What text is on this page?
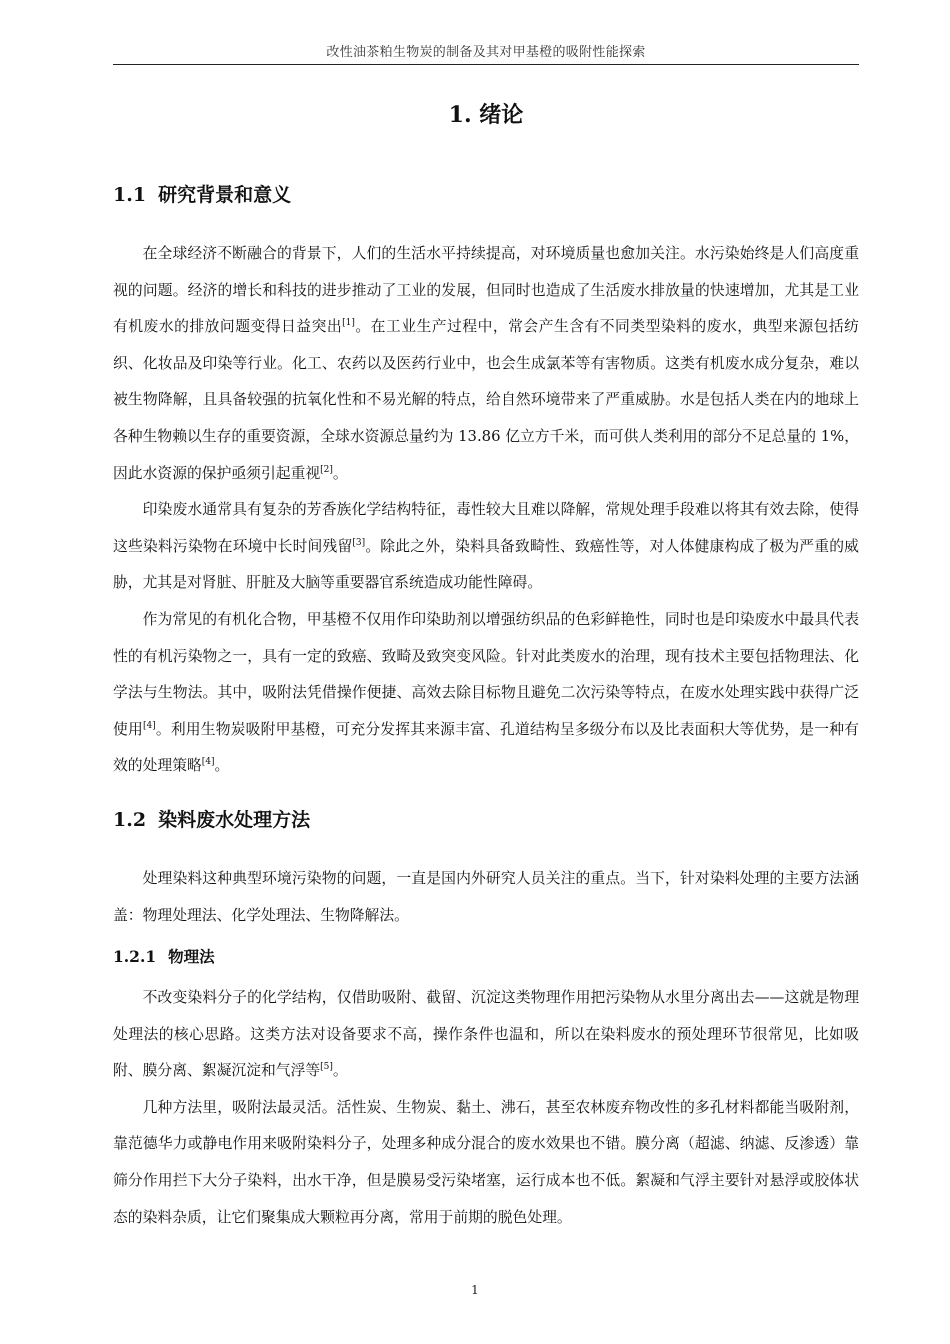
改性油茶粕生物炭的制备及其对甲基橙的吸附性能探索
1. 绪论
1.1 研究背景和意义

在全球经济不断融合的背景下，人们的生活水平持续提高，对环境质量也愈加关注。水污染始终是人们高度重视的问题。经济的增长和科技的进步推动了工业的发展，但同时也造成了生活废水排放量的快速增加，尤其是工业有机废水的排放问题变得日益突出[1]。在工业生产过程中，常会产生含有不同类型染料的废水，典型来源包括纺织、化妆品及印染等行业。化工、农药以及医药行业中，也会生成氯苯等有害物质。这类有机废水成分复杂，难以被生物降解，且具备较强的抗氧化性和不易光解的特点，给自然环境带来了严重威胁。水是包括人类在内的地球上各种生物赖以生存的重要资源，全球水资源总量约为 13.86 亿立方千米，而可供人类利用的部分不足总量的 1%，因此水资源的保护亟须引起重视[2]。

印染废水通常具有复杂的芳香族化学结构特征，毒性较大且难以降解，常规处理手段难以将其有效去除，使得这些染料污染物在环境中长时间残留[3]。除此之外，染料具备致畸性、致癌性等，对人体健康构成了极为严重的威胁，尤其是对肾脏、肝脏及大脑等重要器官系统造成功能性障碍。

作为常见的有机化合物，甲基橙不仅用作印染助剂以增强纺织品的色彩鲜艳性，同时也是印染废水中最具代表性的有机污染物之一，具有一定的致癌、致畸及致突变风险。针对此类废水的治理，现有技术主要包括物理法、化学法与生物法。其中，吸附法凭借操作便捷、高效去除目标物且避免二次污染等特点，在废水处理实践中获得广泛使用[4]。利用生物炭吸附甲基橙，可充分发挥其来源丰富、孔道结构呈多级分布以及比表面积大等优势，是一种有效的处理策略[4]。

1.2 染料废水处理方法

处理染料这种典型环境污染物的问题，一直是国内外研究人员关注的重点。当下，针对染料处理的主要方法涵盖：物理处理法、化学处理法、生物降解法。

1.2.1 物理法

不改变染料分子的化学结构，仅借助吸附、截留、沉淀这类物理作用把污染物从水里分离出去——这就是物理处理法的核心思路。这类方法对设备要求不高，操作条件也温和，所以在染料废水的预处理环节很常见，比如吸附、膜分离、絮凝沉淀和气浮等[5]。

几种方法里，吸附法最灵活。活性炭、生物炭、黏土、沸石，甚至农林废弃物改性的多孔材料都能当吸附剂，靠范德华力或静电作用来吸附染料分子，处理多种成分混合的废水效果也不错。膜分离（超滤、纳滤、反渗透）靠筛分作用拦下大分子染料，出水干净，但是膜易受污染堵塞，运行成本也不低。絮凝和气浮主要针对悬浮或胶体状态的染料杂质，让它们聚集成大颗粒再分离，常用于前期的脱色处理。

1
